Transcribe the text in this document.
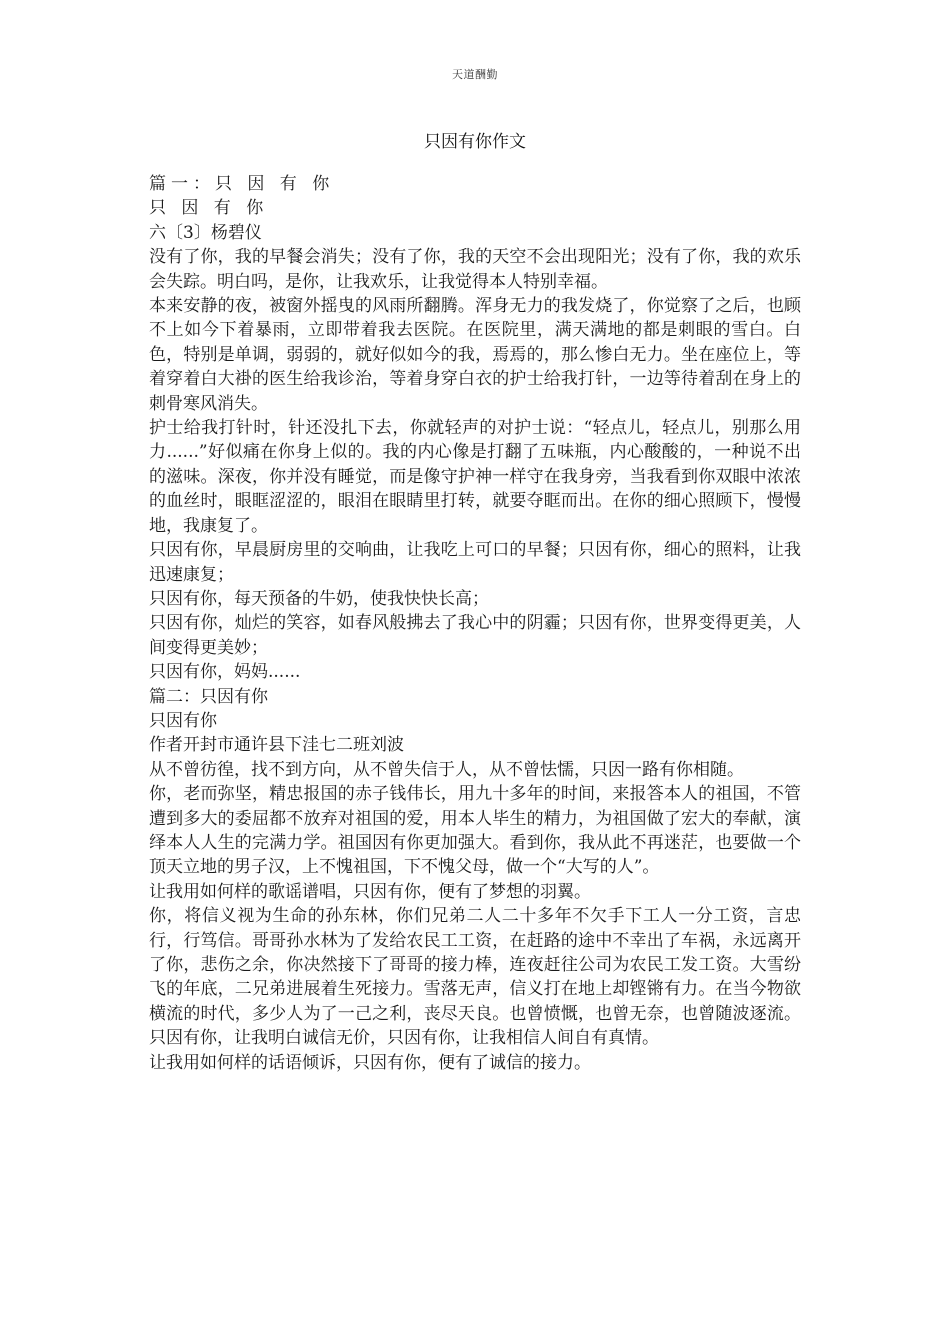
天道酬勤
只因有你作文

篇一：只 因 有 你

只 因 有 你

六〔3〕杨碧仪

没有了你，我的早餐会消失；没有了你，我的天空不会出现阳光；没有了你，我的欢乐会失踪。明白吗，是你，让我欢乐，让我觉得本人特别幸福。

本来安静的夜，被窗外摇曳的风雨所翻腾。浑身无力的我发烧了，你觉察了之后，也顾不上如今下着暴雨，立即带着我去医院。在医院里，满天满地的都是刺眼的雪白。白色，特别是单调，弱弱的，就好似如今的我，焉焉的，那么惨白无力。坐在座位上，等着穿着白大褂的医生给我诊治，等着身穿白衣的护士给我打针，一边等待着刮在身上的刺骨寒风消失。

护士给我打针时，针还没扎下去，你就轻声的对护士说：“轻点儿，轻点儿，别那么用力......”好似痛在你身上似的。我的内心像是打翻了五味瓶，内心酸酸的，一种说不出的滋味。深夜，你并没有睡觉，而是像守护神一样守在我身旁，当我看到你双眼中浓浓的血丝时，眼眶涩涩的，眼泪在眼睛里打转，就要夺眶而出。在你的细心照顾下，慢慢地，我康复了。

只因有你，早晨厨房里的交响曲，让我吃上可口的早餐；只因有你，细心的照料，让我迅速康复；

只因有你，每天预备的牛奶，使我快快长高；

只因有你，灿烂的笑容，如春风般拂去了我心中的阴霾；只因有你，世界变得更美，人间变得更美妙；

只因有你，妈妈......

篇二：只因有你

只因有你

作者开封市通许县下洼七二班刘波

从不曾彷徨，找不到方向，从不曾失信于人，从不曾怯懦，只因一路有你相随。

你，老而弥坚，精忠报国的赤子钱伟长，用九十多年的时间，来报答本人的祖国，不管遭到多大的委屈都不放弃对祖国的爱，用本人毕生的精力，为祖国做了宏大的奉献，演绎本人人生的完满力学。祖国因有你更加强大。看到你，我从此不再迷茫，也要做一个顶天立地的男子汉，上不愧祖国，下不愧父母，做一个“大写的人”。

让我用如何样的歌谣谱唱，只因有你，便有了梦想的羽翼。

你，将信义视为生命的孙东林，你们兄弟二人二十多年不欠手下工人一分工资，言忠行，行笃信。哥哥孙水林为了发给农民工工资，在赶路的途中不幸出了车祸，永远离开了你，悲伤之余，你决然接下了哥哥的接力棒，连夜赶往公司为农民工发工资。大雪纷飞的年底，二兄弟进展着生死接力。雪落无声，信义打在地上却铿锵有力。在当今物欲横流的时代，多少人为了一己之利，丧尽天良。也曾愤慨，也曾无奈，也曾随波逐流。只因有你，让我明白诚信无价，只因有你，让我相信人间自有真情。

让我用如何样的话语倾诉，只因有你，便有了诚信的接力。
